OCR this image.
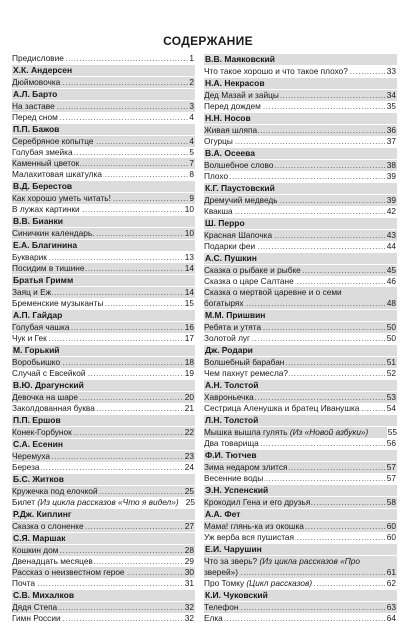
СОДЕРЖАНИЕ
Предисловие	1
.....
Х.К. Андерсен
Дюймовочка	2
.....
А.Л. Барто
На заставе	3
.....
Перед сном	4
.....
П.П. Бажов
Серебряное копытце	4
.....
Голубая змейка	5
.....
Каменный цветок	7
.....
Малахитовая шкатулка	8
.....
В.Д. Берестов
Как хорошо уметь читать!	9
.....
В лужах картинки	10
.....
В.В. Бианки
Синичкин календарь.	10
.....
Е.А. Благинина
Букварик	13
.....
Посидим в тишине	14
.....
Братья Гримм
Заяц и Еж	14
.....
Бременские музыканты	15
.....
А.П. Гайдар
Голубая чашка	16
.....
Чук и Гек	17
.....
М. Горький
Воробьишко	18
.....
Случай с Евсейкой	19
.....
В.Ю. Драгунский
Девочка на шаре	20
.....
Заколдованная буква	21
.....
П.П. Ершов
Конек-Горбунок	22
.....
С.А. Есенин
Черемуха	23
.....
Береза	24
.....
Б.С. Житков
Кружечка под елочкой	25
.....
Билет (Из цикла рассказов «Что я видел») 25
Р.Дж. Киплинг
Сказка о слоненке	27
.....
С.Я. Маршак
Кошкин дом	28
.....
Двенадцать месяцев	29
.....
Рассказ о неизвестном герое	30
.....
Почта	31
.....
С.В. Михалков
Дядя Степа	32
.....
Гимн России	32
.....
В.В. Маяковский
Что такое хорошо и что такое плохо?	33
.....
Н.А. Некрасов
Дед Мазай и зайцы	34
.....
Перед дождем	35
.....
Н.Н. Носов
Живая шляпа	36
.....
Огурцы	37
.....
В.А. Осеева
Волшебное слово	38
.....
Плохо	39
.....
К.Г. Паустовский
Дремучий медведь	39
.....
Квакша	42
.....
Ш. Перро
Красная Шапочка	43
.....
Подарки феи	44
.....
А.С. Пушкин
Сказка о рыбаке и рыбке	45
.....
Сказка о царе Салтане	46
.....
Сказка о мертвой царевне и о семи
богатырях	48
.....
М.М. Пришвин
Ребята и утята	50
.....
Золотой луг	50
.....
Дж. Родари
Волшебный барабан	51
.....
Чем пахнут ремесла?	52
.....
А.Н. Толстой
Хавроньечка	53
.....
Сестрица Аленушка и братец Иванушка	54
.....
Л.Н. Толстой
Мышка вышла гулять (Из «Новой азбуки») 55
Два товарища	56
.....
Ф.И. Тютчев
Зима недаром злится	57
.....
Весенние воды	57
.....
Э.Н. Успенский
Крокодил Гена и его друзья	58
.....
А.А. Фет
Мама! глянь-ка из окошка	60
.....
Уж верба вся пушистая	60
.....
Е.И. Чарушин
Что за зверь? (Из цикла рассказов «Про
зверей»)	61
.....
Про Томку (Цикл рассказов)	62
.....
К.И. Чуковский
Телефон	63
.....
Елка	64
.....
